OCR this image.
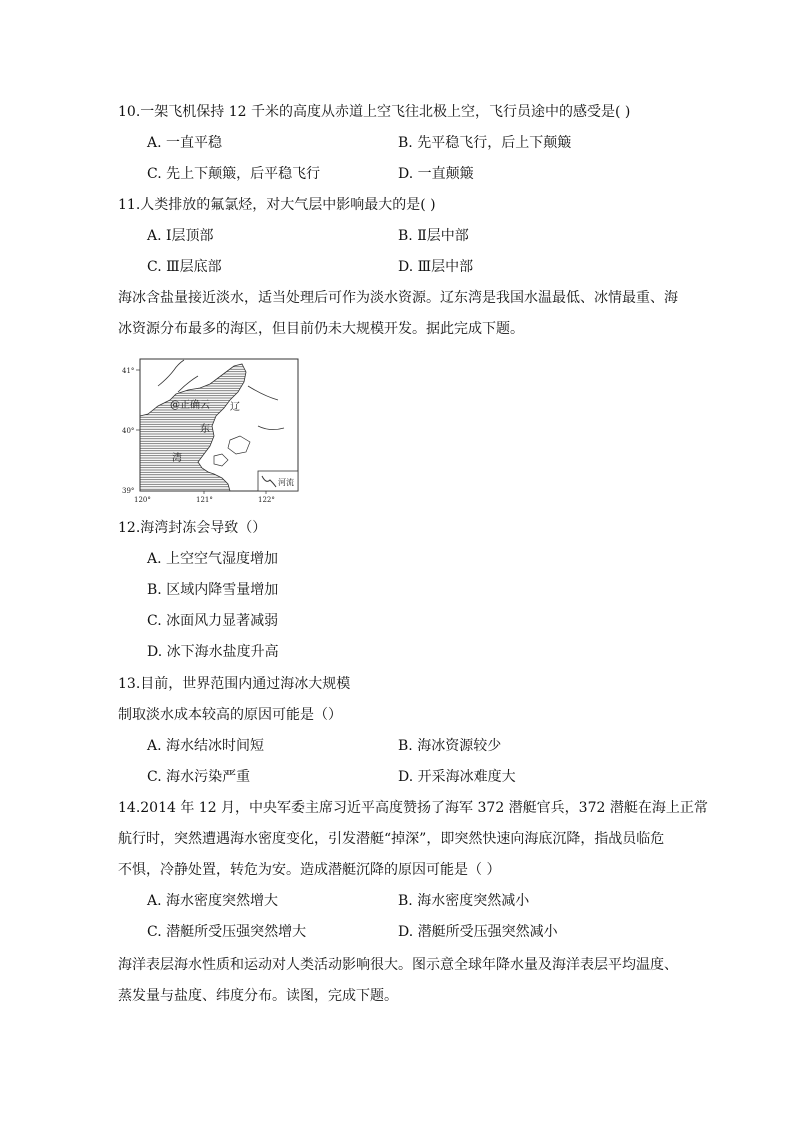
10.一架飞机保持 12 千米的高度从赤道上空飞往北极上空，飞行员途中的感受是( )
A. 一直平稳	B. 先平稳飞行，后上下颠簸
C. 先上下颠簸，后平稳飞行	D. 一直颠簸
11.人类排放的氟氯烃，对大气层中影响最大的是( )
A. Ⅰ层顶部	B. Ⅱ层中部
C. Ⅲ层底部	D. Ⅲ层中部
海冰含盐量接近淡水，适当处理后可作为淡水资源。辽东湾是我国水温最低、冰情最重、海
冰资源分布最多的海区，但目前仍未大规模开发。据此完成下题。
@正确云 辽
东
湾
41°
40°
39°
120°	121°	122°
河流
12.海湾封冻会导致（）
A. 上空空气湿度增加
B. 区域内降雪量增加
C. 冰面风力显著减弱
D. 冰下海水盐度升高
13.目前，世界范围内通过海冰大规模
制取淡水成本较高的原因可能是（）
A. 海水结冰时间短	B. 海冰资源较少
C. 海水污染严重	D. 开采海冰难度大
14.2014 年 12 月，中央军委主席习近平高度赞扬了海军 372 潜艇官兵，372 潜艇在海上正常
航行时，突然遭遇海水密度变化，引发潜艇“掉深”，即突然快速向海底沉降，指战员临危
不惧，冷静处置，转危为安。造成潜艇沉降的原因可能是（ ）
A. 海水密度突然增大	B. 海水密度突然减小
C. 潜艇所受压强突然增大	D. 潜艇所受压强突然减小
海洋表层海水性质和运动对人类活动影响很大。图示意全球年降水量及海洋表层平均温度、
蒸发量与盐度、纬度分布。读图，完成下题。
